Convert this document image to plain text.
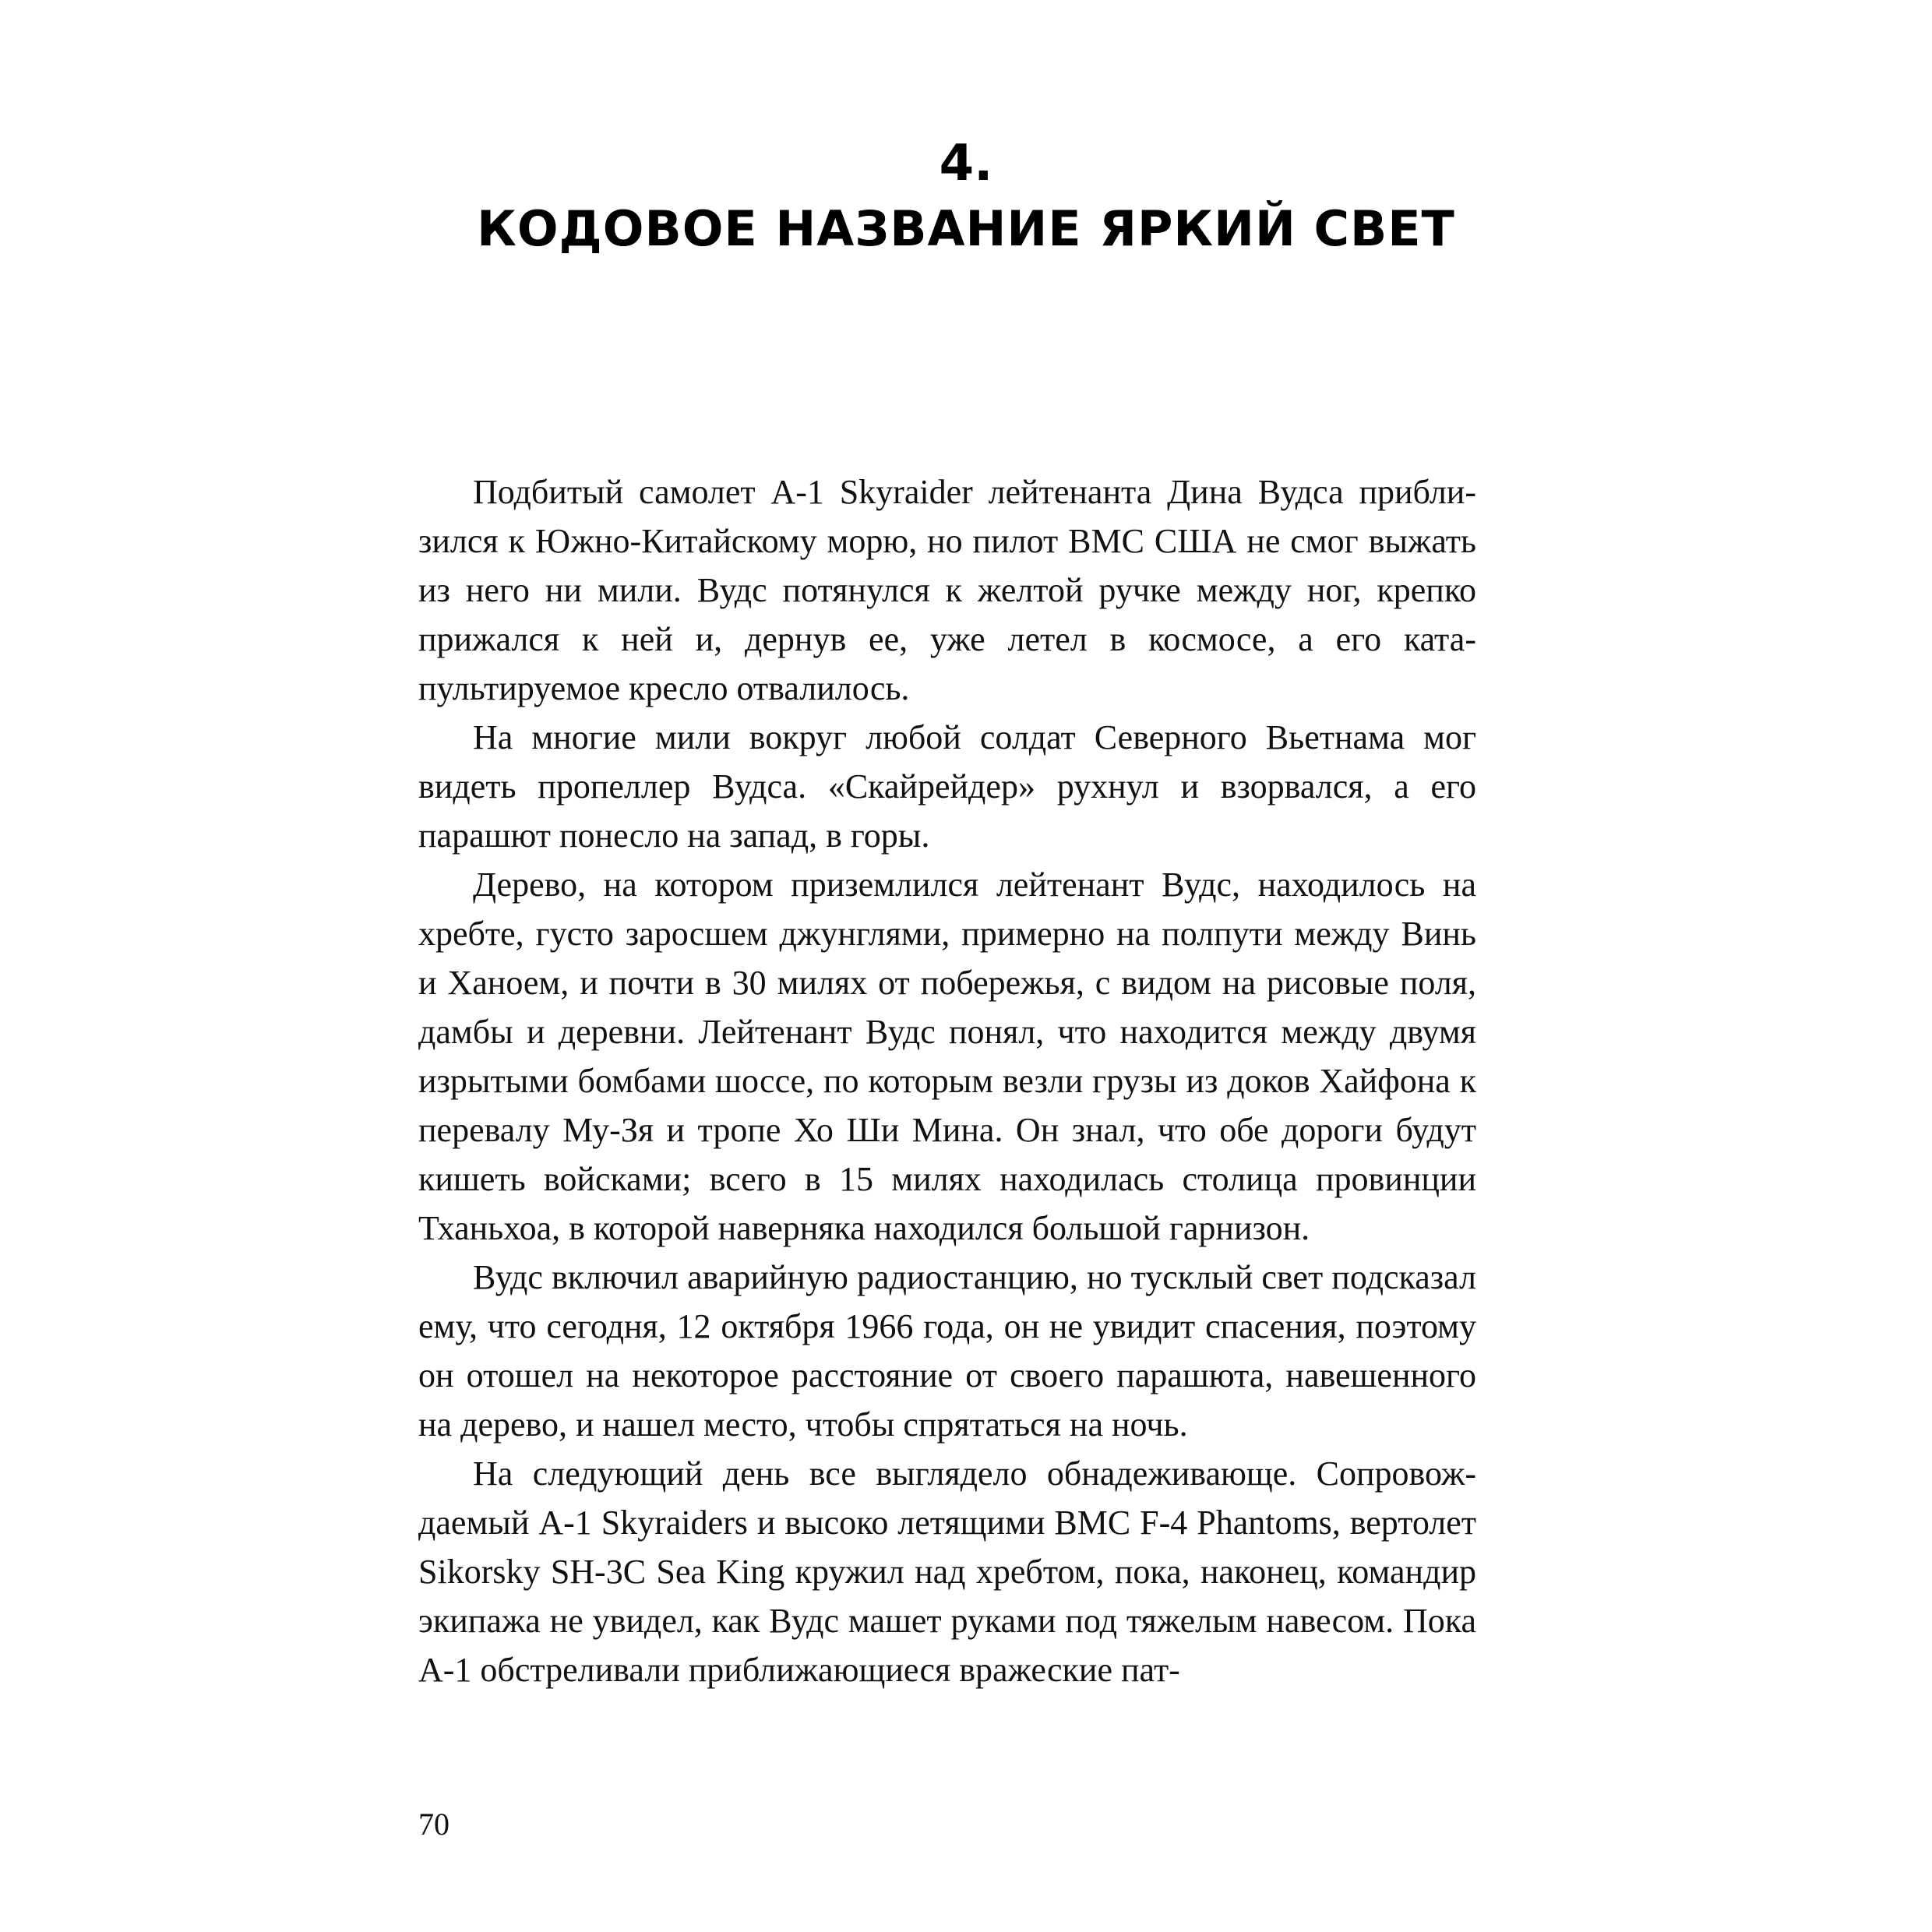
4.
КОДОВОЕ НАЗВАНИЕ ЯРКИЙ СВЕТ

Подбитый самолет A-1 Skyraider лейтенанта Дина Вудса приблизился к Южно-Китайскому морю, но пилот ВМС США не смог выжать из него ни мили. Вудс потянулся к желтой ручке между ног, крепко прижался к ней и, дернув ее, уже летел в космосе, а его катапультируемое кресло отвалилось.

На многие мили вокруг любой солдат Северного Вьетнама мог видеть пропеллер Вудса. «Скайрейдер» рухнул и взорвался, а его парашют понесло на запад, в горы.

Дерево, на котором приземлился лейтенант Вудс, находилось на хребте, густо заросшем джунглями, примерно на полпути между Винь и Ханоем, и почти в 30 милях от побережья, с видом на рисовые поля, дамбы и деревни. Лейтенант Вудс понял, что находится между двумя изрытыми бомбами шоссе, по которым везли грузы из доков Хайфона к перевалу Му-Зя и тропе Хо Ши Мина. Он знал, что обе дороги будут кишеть войсками; всего в 15 милях находилась столица провинции Тханьхоа, в которой наверняка находился большой гарнизон.

Вудс включил аварийную радиостанцию, но тусклый свет подсказал ему, что сегодня, 12 октября 1966 года, он не увидит спасения, поэтому он отошел на некоторое расстояние от своего парашюта, навешенного на дерево, и нашел место, чтобы спрятаться на ночь.

На следующий день все выглядело обнадеживающе. Сопровождаемый A-1 Skyraiders и высоко летящими ВМС F-4 Phantoms, вертолет Sikorsky SH-3C Sea King кружил над хребтом, пока, наконец, командир экипажа не увидел, как Вудс машет руками под тяжелым навесом. Пока A-1 обстреливали приближающиеся вражеские пат-

70
